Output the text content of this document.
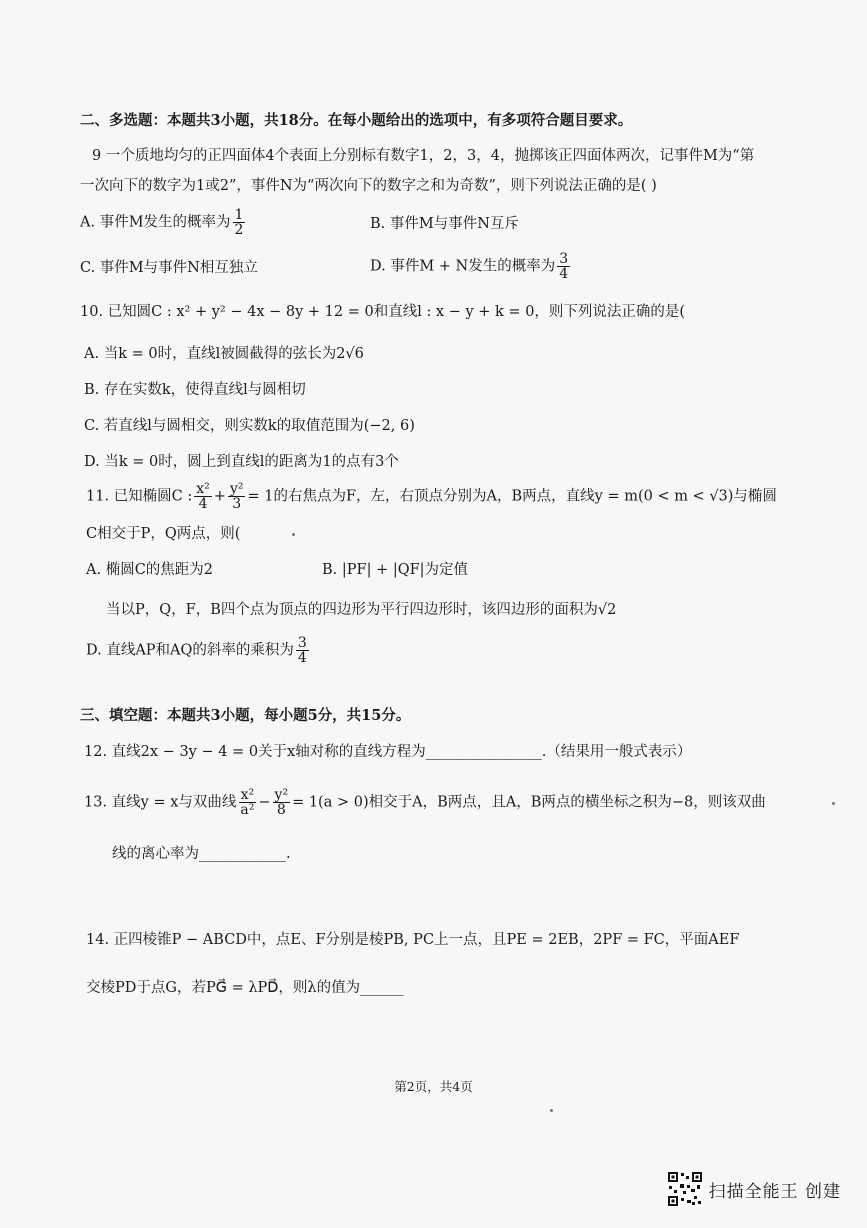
二、多选题：本题共3小题，共18分。在每小题给出的选项中，有多项符合题目要求。
9 一个质地均匀的正四面体4个表面上分别标有数字1，2，3，4，抛掷该正四面体两次，记事件M为“第
一次向下的数字为1或2”，事件N为“两次向下的数字之和为奇数”，则下列说法正确的是( )
A. 事件M发生的概率为 $\frac{1}{2}$	B. 事件M与事件N互斥
C. 事件M与事件N相互独立	D. 事件M + N发生的概率为 $\frac{3}{4}$
10. 已知圆C : x² + y² − 4x − 8y + 12 = 0和直线l : x − y + k = 0，则下列说法正确的是(
A. 当k = 0时，直线l被圆截得的弦长为2√6
B. 存在实数k，使得直线l与圆相切
C. 若直线l与圆相交，则实数k的取值范围为(−2, 6)
D. 当k = 0时，圆上到直线l的距离为1的点有3个
11. 已知椭圆C : $\frac{\text{x²}}{4} + \frac{\text{y²}}{3} = 1$的右焦点为F，左，右顶点分别为A，B两点，直线y = m(0 < m < √3)与椭圆
C相交于P，Q两点，则(
A. 椭圆C的焦距为2	B. |PF| + |QF|为定值
当以P，Q，F，B四个点为顶点的四边形为平行四边形时，该四边形的面积为√2
D. 直线AP和AQ的斜率的乘积为 $\frac{3}{4}$
三、填空题：本题共3小题，每小题5分，共15分。
12. 直线2x − 3y − 4 = 0关于x轴对称的直线方程为________________.（结果用一般式表示）
13. 直线y = x与双曲线 $\frac{\text{x²}}{\text{a²}} - \frac{\text{y²}}{8} = 1(a > 0)$相交于A，B两点，且A，B两点的横坐标之积为−8，则该双曲
线的离心率为____________.
14. 正四棱锥P − ABCD中，点E、F分别是棱PB, PC上一点，且PE = 2EB，2PF = FC，平面AEF
交棱PD于点G，若PG⃗ = λPD⃗，则λ的值为______
第2页，共4页
扫描全能王 创建
